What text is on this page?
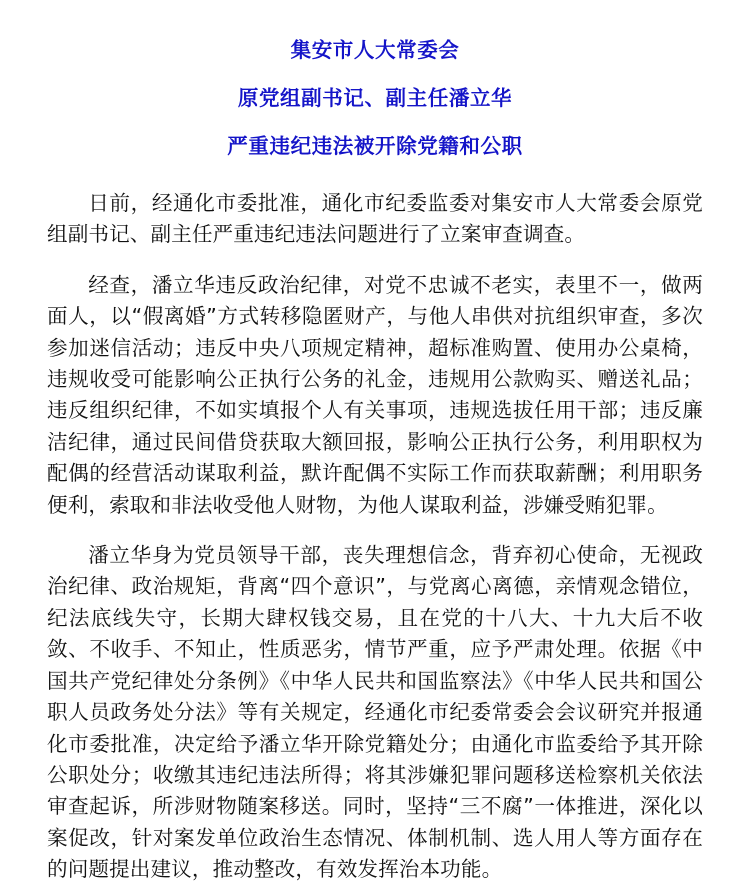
集安市人大常委会
原党组副书记、副主任潘立华
严重违纪违法被开除党籍和公职

日前，经通化市委批准，通化市纪委监委对集安市人大常委会原党组副书记、副主任严重违纪违法问题进行了立案审查调查。

经查，潘立华违反政治纪律，对党不忠诚不老实，表里不一，做两面人，以“假离婚”方式转移隐匿财产，与他人串供对抗组织审查，多次参加迷信活动；违反中央八项规定精神，超标准购置、使用办公桌椅，违规收受可能影响公正执行公务的礼金，违规用公款购买、赠送礼品；违反组织纪律，不如实填报个人有关事项，违规选拔任用干部；违反廉洁纪律，通过民间借贷获取大额回报，影响公正执行公务，利用职权为配偶的经营活动谋取利益，默许配偶不实际工作而获取薪酬；利用职务便利，索取和非法收受他人财物，为他人谋取利益，涉嫌受贿犯罪。

潘立华身为党员领导干部，丧失理想信念，背弃初心使命，无视政治纪律、政治规矩，背离“四个意识”，与党离心离德，亲情观念错位，纪法底线失守，长期大肆权钱交易，且在党的十八大、十九大后不收敛、不收手、不知止，性质恶劣，情节严重，应予严肃处理。依据《中国共产党纪律处分条例》《中华人民共和国监察法》《中华人民共和国公职人员政务处分法》等有关规定，经通化市纪委常委会会议研究并报通化市委批准，决定给予潘立华开除党籍处分；由通化市监委给予其开除公职处分；收缴其违纪违法所得；将其涉嫌犯罪问题移送检察机关依法审查起诉，所涉财物随案移送。同时，坚持“三不腐”一体推进，深化以案促改，针对案发单位政治生态情况、体制机制、选人用人等方面存在的问题提出建议，推动整改，有效发挥治本功能。
